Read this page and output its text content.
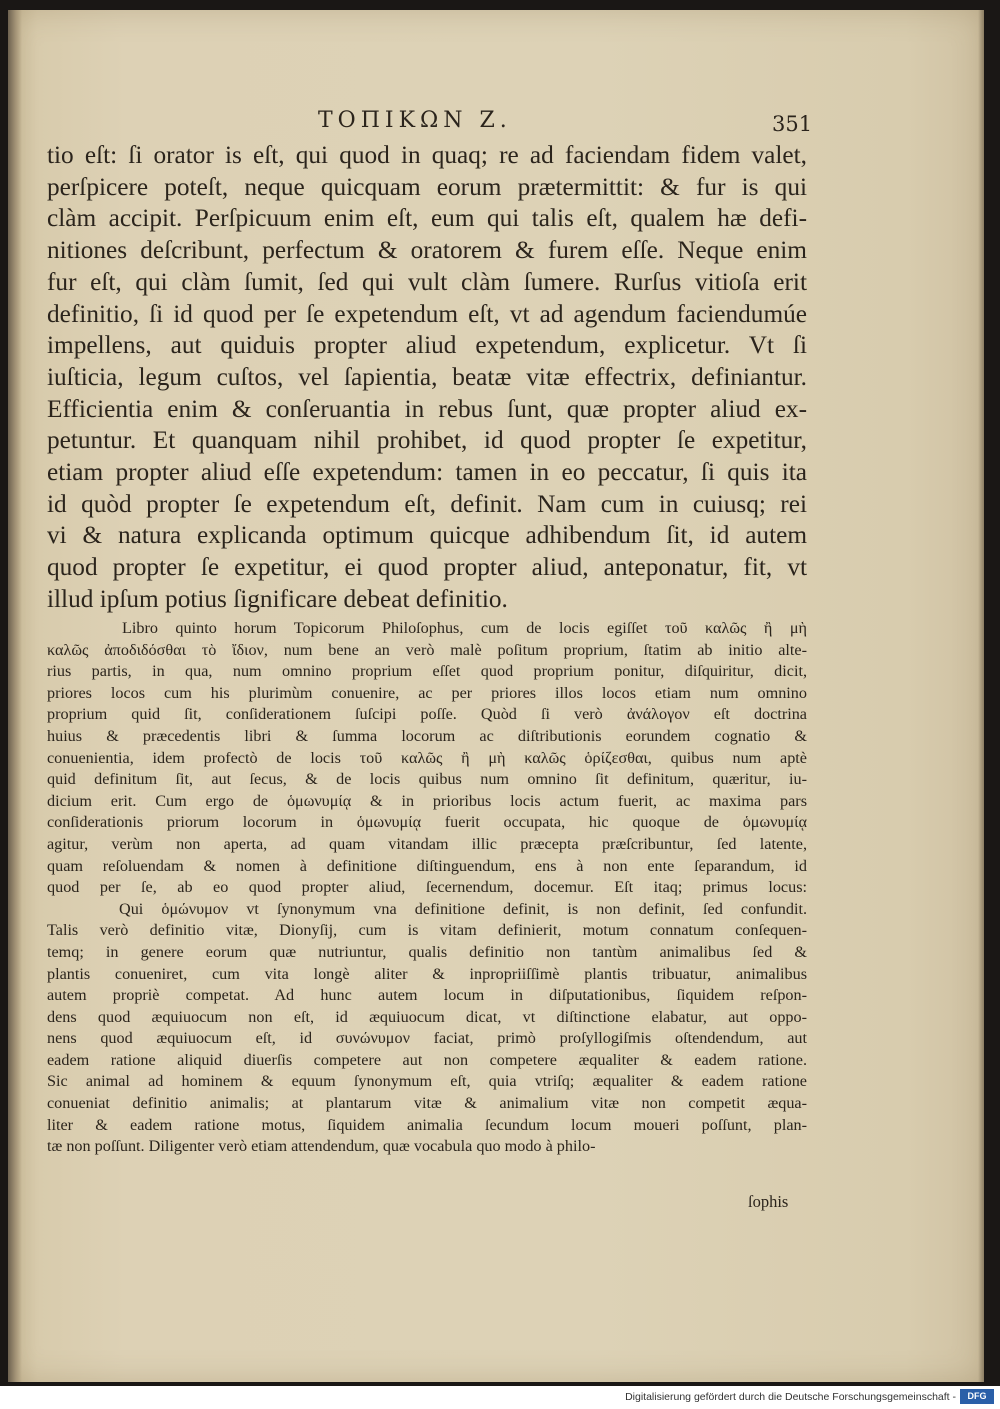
ΤΟΠΙΚΩΝ Ζ.	351
tio eſt: ſi orator is eſt, qui quod in quaq; re ad faciendam fidem valet,
perſpicere poteſt, neque quicquam eorum prætermittit: & fur is qui
clàm accipit. Perſpicuum enim eſt, eum qui talis eſt, qualem hæ defi-
nitiones deſcribunt, perfectum & oratorem & furem eſſe. Neque enim
fur eſt, qui clàm ſumit, ſed qui vult clàm ſumere. Rurſus vitioſa erit
definitio, ſi id quod per ſe expetendum eſt, vt ad agendum faciendumúe
impellens, aut quiduis propter aliud expetendum, explicetur. Vt ſi
iuſticia, legum cuſtos, vel ſapientia, beatæ vitæ effectrix, definiantur.
Efficientia enim & conſeruantia in rebus ſunt, quæ propter aliud ex-
petuntur. Et quanquam nihil prohibet, id quod propter ſe expetitur,
etiam propter aliud eſſe expetendum: tamen in eo peccatur, ſi quis ita
id quòd propter ſe expetendum eſt, definit. Nam cum in cuiusq; rei
vi & natura explicanda optimum quicque adhibendum ſit, id autem
quod propter ſe expetitur, ei quod propter aliud, anteponatur, fit, vt
illud ipſum potius ſignificare debeat definitio.
Libro quinto horum Topicorum Philoſophus, cum de locis egiſſet τοῦ καλῶς ἢ μὴ
καλῶς ἀποδιδόσθαι τὸ ἴδιον, num bene an verò malè poſitum proprium, ſtatim ab initio alte-
rius partis, in qua, num omnino proprium eſſet quod proprium ponitur, diſquiritur, dicit,
priores locos cum his plurimùm conuenire, ac per priores illos locos etiam num omnino
proprium quid ſit, conſiderationem ſuſcipi poſſe. Quòd ſi verò ἀνάλογον eſt doctrina
huius & præcedentis libri & ſumma locorum ac diſtributionis eorundem cognatio &
conuenientia, idem profectò de locis τοῦ καλῶς ἢ μὴ καλῶς ὁρίζεσθαι, quibus num aptè
quid definitum ſit, aut ſecus, & de locis quibus num omnino ſit definitum, quæritur, iu-
dicium erit. Cum ergo de ὁμωνυμίᾳ & in prioribus locis actum fuerit, ac maxima pars
conſiderationis priorum locorum in ὁμωνυμίᾳ fuerit occupata, hic quoque de ὁμωνυμίᾳ
agitur, verùm non aperta, ad quam vitandam illic præcepta præſcribuntur, ſed latente,
quam reſoluendam & nomen à definitione diſtinguendum, ens à non ente ſeparandum, id
quod per ſe, ab eo quod propter aliud, ſecernendum, docemur. Eſt itaq; primus locus:
Qui ὁμώνυμον vt ſynonymum vna definitione definit, is non definit, ſed confundit.
Talis verò definitio vitæ, Dionyſij, cum is vitam definierit, motum connatum conſequen-
temq; in genere eorum quæ nutriuntur, qualis definitio non tantùm animalibus ſed &
plantis conueniret, cum vita longè aliter & inpropriiſſimè plantis tribuatur, animalibus
autem propriè competat. Ad hunc autem locum in diſputationibus, ſiquidem reſpon-
dens quod æquiuocum non eſt, id æquiuocum dicat, vt diſtinctione elabatur, aut oppo-
nens quod æquiuocum eſt, id συνώνυμον faciat, primò proſyllogiſmis oſtendendum, aut
eadem ratione aliquid diuerſis competere aut non competere æqualiter & eadem ratione.
Sic animal ad hominem & equum ſynonymum eſt, quia vtriſq; æqualiter & eadem ratione
conueniat definitio animalis; at plantarum vitæ & animalium vitæ non competit æqua-
liter & eadem ratione motus, ſiquidem animalia ſecundum locum moueri poſſunt, plan-
tæ non poſſunt. Diligenter verò etiam attendendum, quæ vocabula quo modo à philo-
ſophis
Digitalisierung gefördert durch die Deutsche Forschungsgemeinschaft -	DFG
